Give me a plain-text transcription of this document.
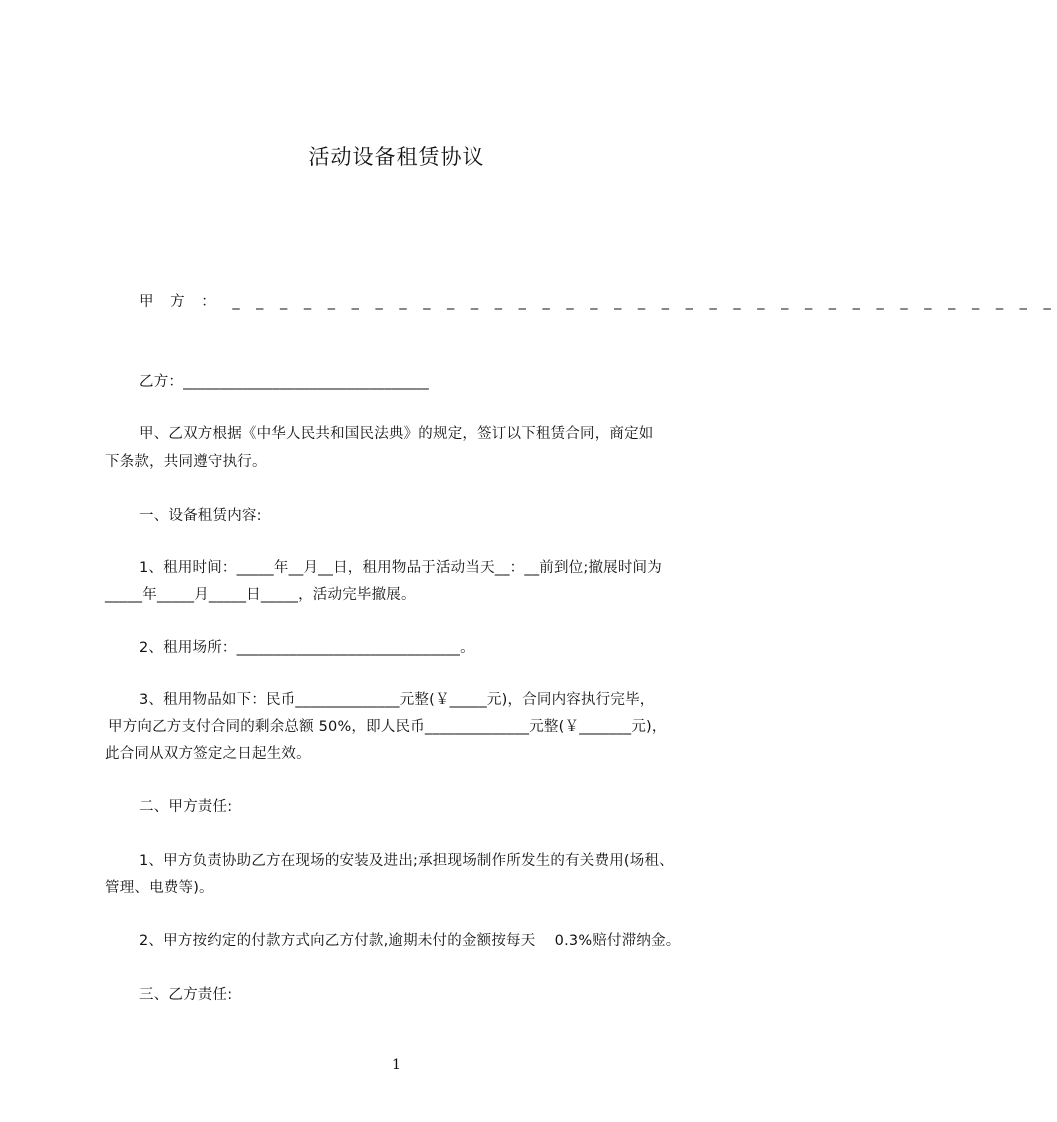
活动设备租赁协议
甲 方 ： _ _ _ _ _ _ _ _ _ _ _ _ _ _ _ _ _ _ _ _ _ _ _ _ _ _ _ _ _ _ _ _ _ _ _
乙方：_________________________________
甲、乙双方根据《中华人民共和国民法典》的规定，签订以下租赁合同，商定如
下条款，共同遵守执行。
一、设备租赁内容:
1、租用时间：_____年__月__日，租用物品于活动当天__：__前到位;撤展时间为
_____年_____月_____日_____，活动完毕撤展。
2、租用场所：______________________________。
3、租用物品如下：民币______________元整(￥_____元)，合同内容执行完毕，
甲方向乙方支付合同的剩余总额 50%，即人民币______________元整(￥_______元)，
此合同从双方签定之日起生效。
二、甲方责任:
1、甲方负责协助乙方在现场的安装及进出;承担现场制作所发生的有关费用(场租、
管理、电费等)。
2、甲方按约定的付款方式向乙方付款,逾期未付的金额按每天    0.3%赔付滞纳金。
三、乙方责任:
1
